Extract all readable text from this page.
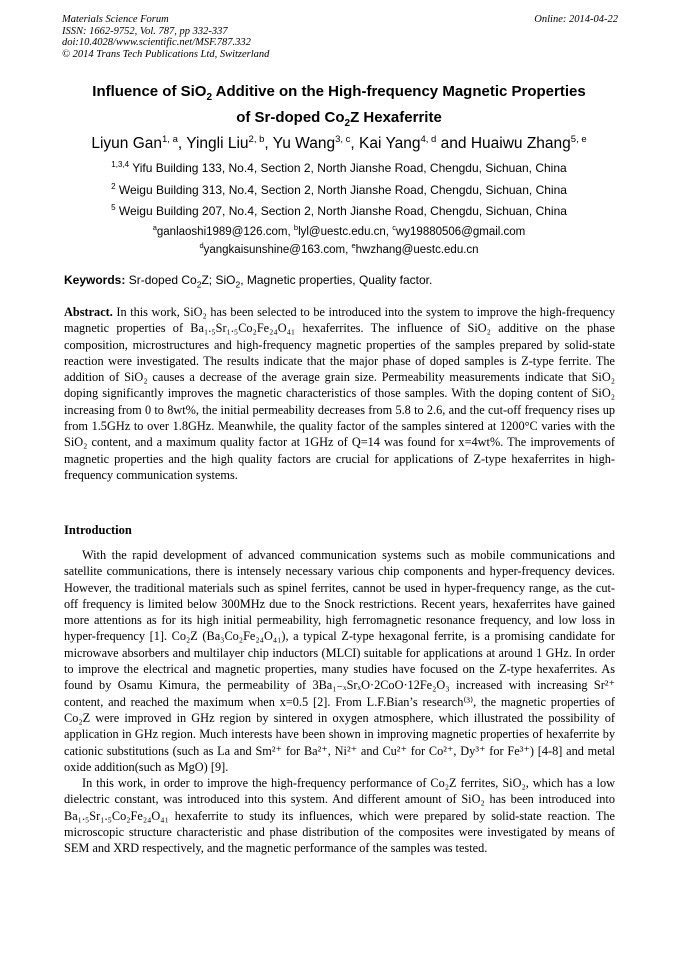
Materials Science Forum
ISSN: 1662-9752, Vol. 787, pp 332-337
doi:10.4028/www.scientific.net/MSF.787.332
© 2014 Trans Tech Publications Ltd, Switzerland
Online: 2014-04-22
Influence of SiO$_2$ Additive on the High-frequency Magnetic Properties
of Sr-doped $Co_2Z$ Hexaferrite
Liyun Gan$^{1, a}$, Yingli Liu$^{2, b}$, Yu Wang$^{3, c}$, Kai Yang$^{4, d}$ and Huaiwu Zhang$^{5, e}$
$^{1,3,4}$ Yifu Building 133, No.4, Section 2, North Jianshe Road, Chengdu, Sichuan, China
$^2$ Weigu Building 313, No.4, Section 2, North Jianshe Road, Chengdu, Sichuan, China
$^5$ Weigu Building 207, No.4, Section 2, North Jianshe Road, Chengdu, Sichuan, China
$^a$ganlaoshi1989@126.com, $^b$lyl@uestc.edu.cn, $^c$wy19880506@gmail.com
$^d$yangkaisunshine@163.com, $^e$hwzhang@uestc.edu.cn
Keywords: Sr-doped $Co_2Z$; SiO$_2$, Magnetic properties, Quality factor.
Abstract. In this work, SiO₂ has been selected to be introduced into the system to improve the high-frequency magnetic properties of Ba₁.₅Sr₁.₅Co₂Fe₂₄O₄₁ hexaferrites. The influence of SiO₂ additive on the phase composition, microstructures and high-frequency magnetic properties of the samples prepared by solid-state reaction were investigated. The results indicate that the major phase of doped samples is Z-type ferrite. The addition of SiO₂ causes a decrease of the average grain size. Permeability measurements indicate that SiO₂ doping significantly improves the magnetic characteristics of those samples. With the doping content of SiO₂ increasing from 0 to 8wt%, the initial permeability decreases from 5.8 to 2.6, and the cut-off frequency rises up from 1.5GHz to over 1.8GHz. Meanwhile, the quality factor of the samples sintered at 1200°C varies with the SiO₂ content, and a maximum quality factor at 1GHz of Q=14 was found for x=4wt%. The improvements of magnetic properties and the high quality factors are crucial for applications of Z-type hexaferrites in high-frequency communication systems.
Introduction

With the rapid development of advanced communication systems such as mobile communications and satellite communications, there is intensely necessary various chip components and hyper-frequency devices. However, the traditional materials such as spinel ferrites, cannot be used in hyper-frequency range, as the cut-off frequency is limited below 300MHz due to the Snock restrictions. Recent years, hexaferrites have gained more attentions as for its high initial permeability, high ferromagnetic resonance frequency, and low loss in hyper-frequency [1]. Co₂Z (Ba₃Co₂Fe₂₄O₄₁), a typical Z-type hexagonal ferrite, is a promising candidate for microwave absorbers and multilayer chip inductors (MLCI) suitable for applications at around 1 GHz. In order to improve the electrical and magnetic properties, many studies have focused on the Z-type hexaferrites. As found by Osamu Kimura, the permeability of 3Ba₁₋ₓSrₓO·2CoO·12Fe₂O₃ increased with increasing Sr²⁺ content, and reached the maximum when x=0.5 [2]. From L.F.Bian’s research⁽³⁾, the magnetic properties of Co₂Z were improved in GHz region by sintered in oxygen atmosphere, which illustrated the possibility of application in GHz region. Much interests have been shown in improving magnetic properties of hexaferrite by cationic substitutions (such as La and Sm²⁺ for Ba²⁺, Ni²⁺ and Cu²⁺ for Co²⁺, Dy³⁺ for Fe³⁺) [4-8] and metal oxide addition(such as MgO) [9].

In this work, in order to improve the high-frequency performance of Co₂Z ferrites, SiO₂, which has a low dielectric constant, was introduced into this system. And different amount of SiO₂ has been introduced into Ba₁.₅Sr₁.₅Co₂Fe₂₄O₄₁ hexaferrite to study its influences, which were prepared by solid-state reaction. The microscopic structure characteristic and phase distribution of the composites were investigated by means of SEM and XRD respectively, and the magnetic performance of the samples was tested.
